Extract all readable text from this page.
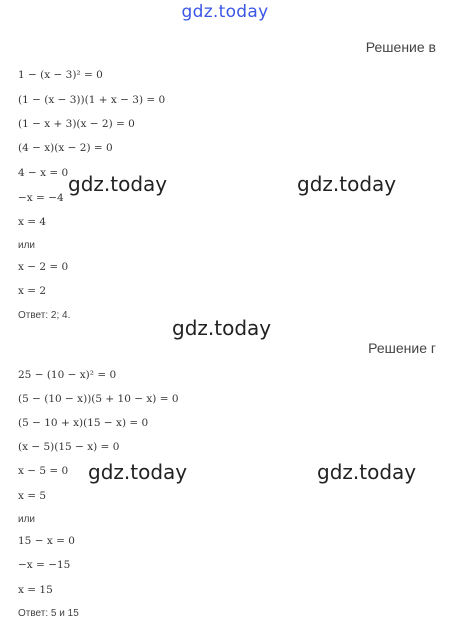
gdz.today
Решение в
1 − (x − 3)² = 0
(1 − (x − 3))(1 + x − 3) = 0
(1 − x + 3)(x − 2) = 0
(4 − x)(x − 2) = 0
4 − x = 0
−x = −4
x = 4
или
x − 2 = 0
x = 2
Ответ: 2; 4.
Решение г
25 − (10 − x)² = 0
(5 − (10 − x))(5 + 10 − x) = 0
(5 − 10 + x)(15 − x) = 0
(x − 5)(15 − x) = 0
x − 5 = 0
x = 5
или
15 − x = 0
−x = −15
x = 15
Ответ: 5 и 15
gdz.today	gdz.today
gdz.today
gdz.today	gdz.today
